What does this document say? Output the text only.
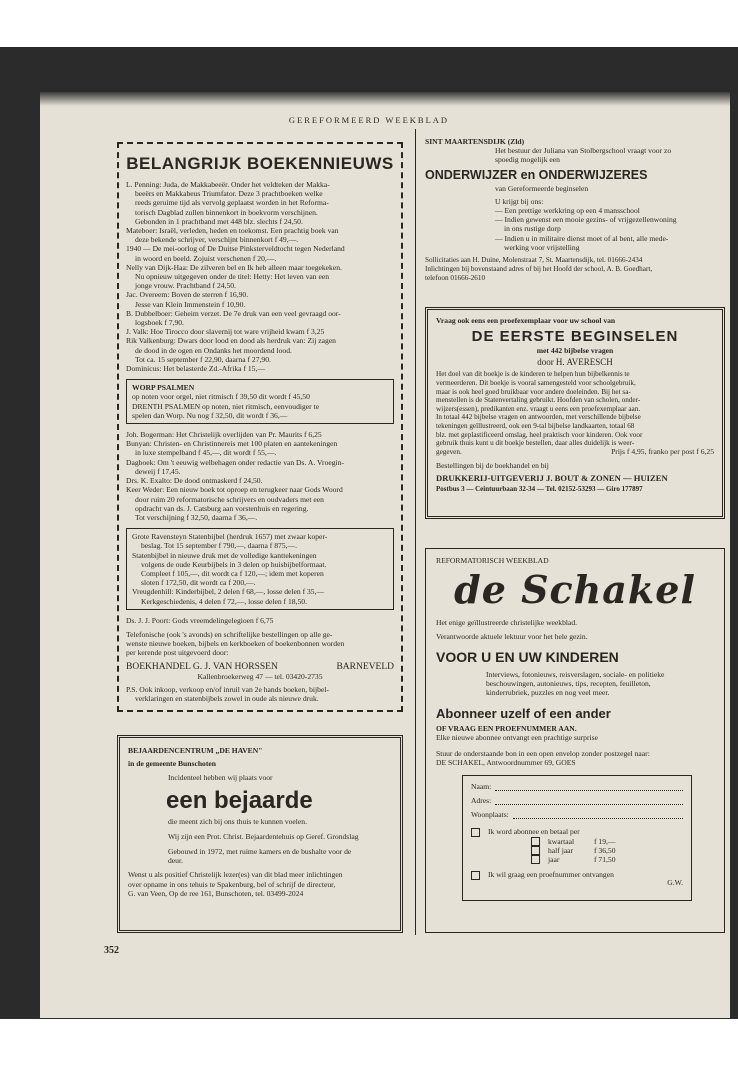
GEREFORMEERD WEEKBLAD
BELANGRIJK BOEKENNIEUWS

L. Penning: Juda, de Makkabeeër. Onder het veldteken der Makka-

beeërs en Makkabeus Triumfator. Deze 3 prachtboeken welke

reeds geruime tijd als vervolg geplaatst worden in het Reforma-

torisch Dagblad zullen binnenkort in boekvorm verschijnen.

Gebonden in 1 prachtband met 448 blz. slechts f 24,50.

Mateboer: Israël, verleden, heden en toekomst. Een prachtig boek van

deze bekende schrijver, verschijnt binnenkort f 49,—.

1940 — De mei-oorlog of De Duitse Pinksterveldtocht tegen Nederland

in woord en beeld. Zojuist verschenen f 20,—.

Nelly van Dijk-Haa: De zilveren bel en Ik heb alleen maar toegekeken.

Nu opnieuw uitgegeven onder de titel: Hetty: Het leven van een

jonge vrouw. Prachtband f 24,50.

Jac. Overeem: Boven de sterren f 16,90.

Jesse van Klein Immenstein f 10,90.

B. Dubbelboer: Geheim verzet. De 7e druk van een veel gevraagd oor-

logsboek f 7,90.

J. Valk: Hoe Tirocco door slavernij tot ware vrijheid kwam f 3,25

Rik Valkenburg: Dwars door lood en dood als herdruk van: Zij zagen

de dood in de ogen en Ondanks het moordend lood.

Tot ca. 15 september f 22,90, daarna f 27,90.

Dominicus: Het belasterde Zd.-Afrika f 15,—

WORP PSALMEN

op noten voor orgel, niet ritmisch f 39,50 dit wordt f 45,50

DRENTH PSALMEN op noten, niet ritmisch, eenvoudiger te

spelen dan Worp. Nu nog f 32,50, dit wordt f 36,—

Joh. Bogerman: Het Christelijk overlijden van Pr. Maurits f 6,25

Bunyan: Christen- en Christinnereis met 100 platen en aantekeningen

in luxe stempelband f 45,—, dit wordt f 55,—.

Dagboek: Om 't eeuwig welbehagen onder redactie van Ds. A. Vroegin-

deweij f 17,45.

Drs. K. Exalto: De dood ontmaskerd f 24,50.

Keer Weder: Een nieuw boek tot oproep en terugkeer naar Gods Woord

door ruim 20 reformatorische schrijvers en oudvaders met een

opdracht van ds. J. Catsburg aan vorstenhuis en regering.

Tot verschijning f 32,50, daarna f 36,—.

Grote Ravensteyn Statenbijbel (herdruk 1657) met zwaar koper-

beslag. Tot 15 september f 790,—, daarna f 875,—.

Statenbijbel in nieuwe druk met de volledige kanttekeningen

volgens de oude Keurbijbels in 3 delen op huisbijbelformaat.

Compleet f 105,—, dit wordt ca f 120,—; idem met koperen

sloten f 172,50, dit wordt ca f 200,—.

Vreugdenhill: Kinderbijbel, 2 delen f 68,—, losse delen f 35,—

Kerkgeschiedenis, 4 delen f 72,—, losse delen f 18,50.

Ds. J. J. Poort: Gods vreemdelingelegioen f 6,75

Telefonische (ook 's avonds) en schriftelijke bestellingen op alle ge-

wenste nieuwe boeken, bijbels en kerkboeken of boekenbonnen worden

per kerende post uitgevoerd door:

BOEKHANDEL G. J. VAN HORSSEN	BARNEVELD
Kallenbroekerweg 47 — tel. 03420-2735

P.S. Ook inkoop, verkoop en/of inruil van 2e hands boeken, bijbel-

verklaringen en statenbijbels zowel in oude als nieuwe druk.

BEJAARDENCENTRUM „DE HAVEN"
in de gemeente Bunschoten
Incidenteel hebben wij plaats voor
een bejaarde
die meent zich bij ons thuis te kunnen voelen.
Wij zijn een Prot. Christ. Bejaardentehuis op Geref. Grondslag
Gebouwd in 1972, met ruime kamers en de bushalte voor de
deur.

Wenst u als positief Christelijk lezer(es) van dit blad meer inlichtingen

over opname in ons tehuis te Spakenburg, bel of schrijf de directeur,

G. van Veen, Op de ree 161, Bunschoten, tel. 03499-2024

SINT MAARTENSDIJK (Zld)

Het bestuur der Juliana van Stolbergschool vraagt voor zo

spoedig mogelijk een

ONDERWIJZER en ONDERWIJZERES
van Gereformeerde beginselen
U krijgt bij ons:

— Een prettige werkkring op een 4 mansschool

— Indien gewenst een mooie gezins- of vrijgezellenwoning

in ons rustige dorp

— Indien u in militaire dienst moet of al bent, alle mede-

werking voor vrijstelling

Sollicitaties aan H. Duine, Molenstraat 7, St. Maartensdijk, tel. 01666-2434

Inlichtingen bij bovenstaand adres of bij het Hoofd der school, A. B. Goedhart,

telefoon 01666-2610

Vraag ook eens een proefexemplaar voor uw school van
DE EERSTE BEGINSELEN
met 442 bijbelse vragen
door H. AVERESCH

Het doel van dit boekje is de kinderen te helpen hun bijbelkennis te

vermeerderen. Dit boekje is vooral samengesteld voor schoolgebruik,

maar is ook heel goed bruikbaar voor andere doeleinden. Bij het sa-

menstellen is de Statenvertaling gebruikt. Hoofden van scholen, onder-

wijzers(essen), predikanten enz. vraagt u eens een proefexemplaar aan.

In totaal 442 bijbelse vragen en antwoorden, met verschillende bijbelse

tekeningen geïllustreerd, ook een 9-tal bijbelse landkaarten, totaal 68

blz. met geplastificeerd omslag, heel praktisch voor kinderen. Ook voor

gebruik thuis kunt u dit boekje bestellen, daar alles duidelijk is weer-

gegeven.	Prijs f 4,95, franko per post f 6,25
Bestellingen bij de boekhandel en bij
DRUKKERIJ-UITGEVERIJ J. BOUT & ZONEN — HUIZEN
Postbus 3 — Ceintuurbaan 32-34 — Tel. 02152-53293 — Giro 177897
REFORMATORISCH WEEKBLAD
de Schakel
Het enige geïllustreerde christelijke weekblad.
Verantwoorde aktuele lektuur voor het hele gezin.
VOOR U EN UW KINDEREN

Interviews, fotonieuws, reisverslagen, sociale- en politieke

beschouwingen, autonieuws, tips, recepten, feuilleton,

kinderrubriek, puzzles en nog veel meer.

Abonneer uzelf of een ander
OF VRAAG EEN PROEFNUMMER AAN.
Elke nieuwe abonnee ontvangt een prachtige surprise

Stuur de onderstaande bon in een open envelop zonder postzegel naar:

DE SCHAKEL, Antwoordnummer 69, GOES

Naam:
Adres:
Woonplaats:
Ik word abonnee en betaal per
kwartaal	f 19,—
half jaar	f 36,50
jaar	f 71,50
Ik wil graag een proefnummer ontvangen
G.W.
352
